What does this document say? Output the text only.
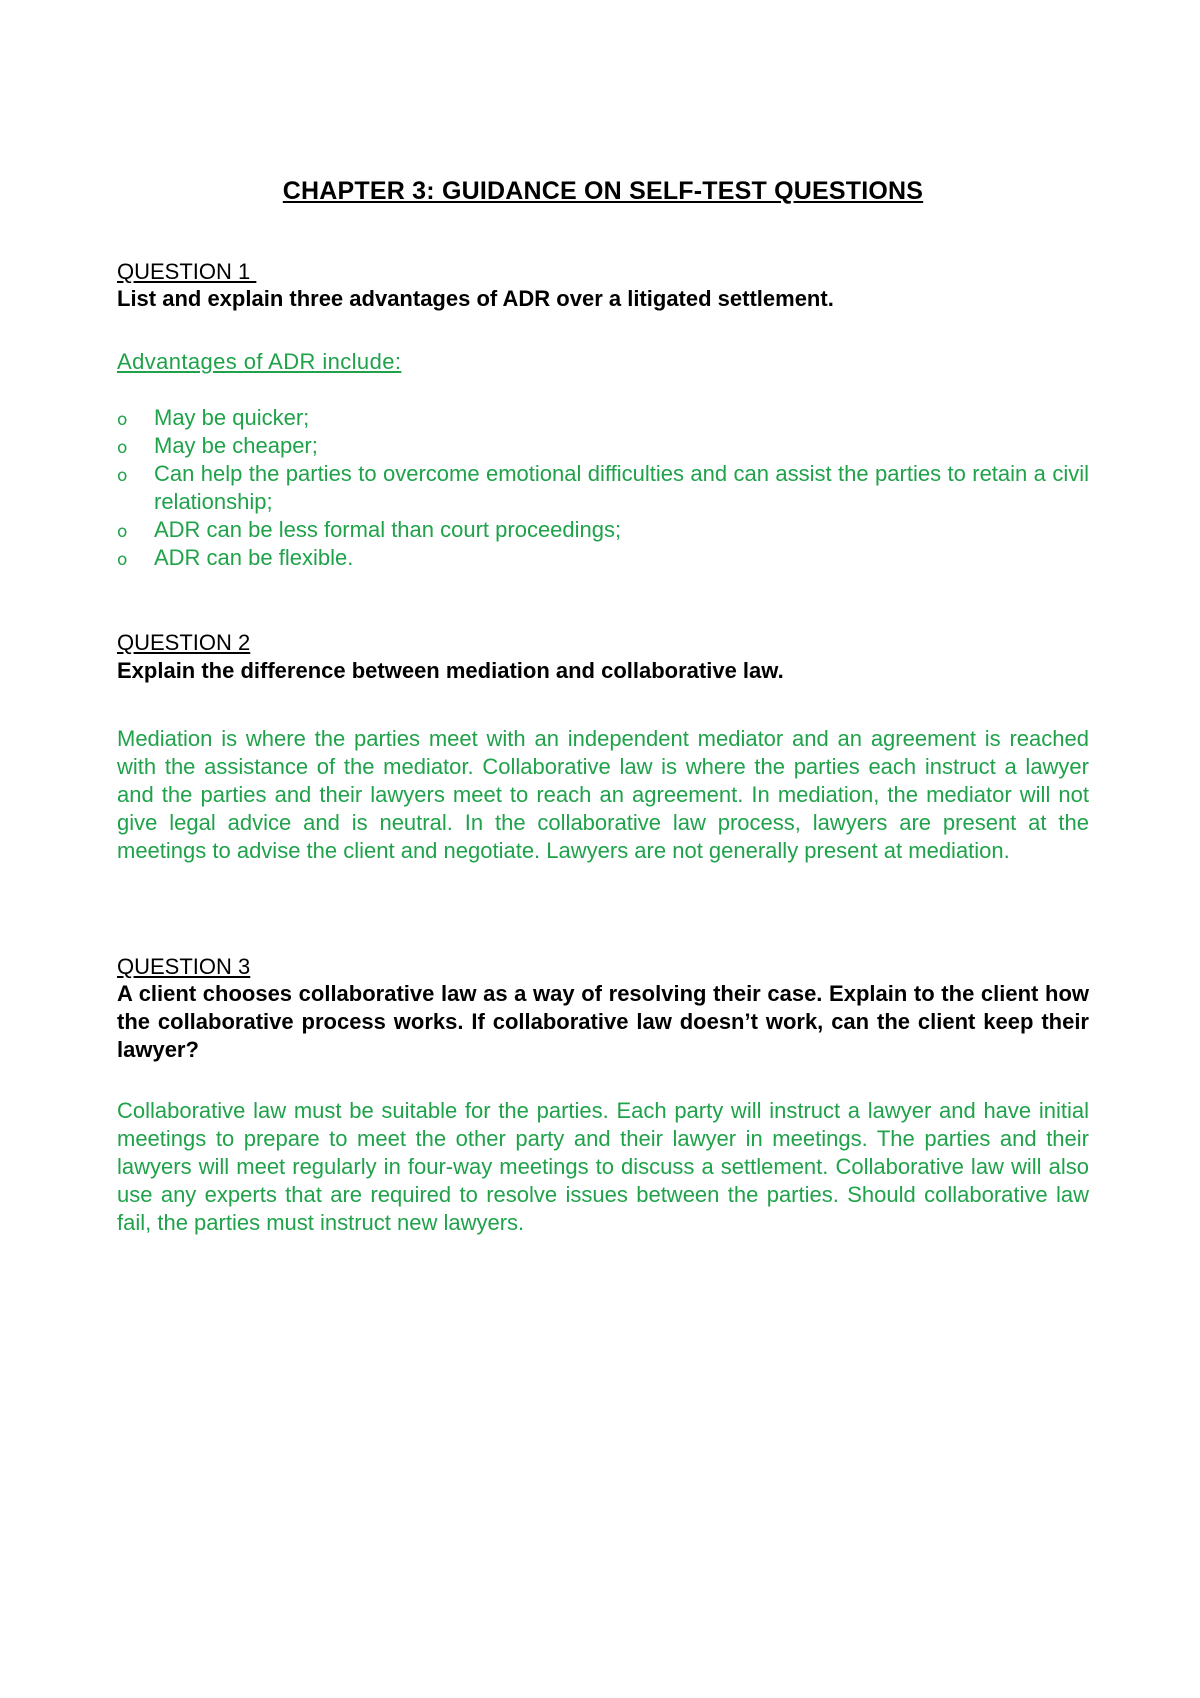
CHAPTER 3: GUIDANCE ON SELF-TEST QUESTIONS
QUESTION 1
List and explain three advantages of ADR over a litigated settlement.
Advantages of ADR include:
o May be quicker;
o May be cheaper;
o Can help the parties to overcome emotional difficulties and can assist the parties to retain a civil relationship;
o ADR can be less formal than court proceedings;
o ADR can be flexible.
QUESTION 2
Explain the difference between mediation and collaborative law.
Mediation is where the parties meet with an independent mediator and an agreement is reached with the assistance of the mediator. Collaborative law is where the parties each instruct a lawyer and the parties and their lawyers meet to reach an agreement. In mediation, the mediator will not give legal advice and is neutral. In the collaborative law process, lawyers are present at the meetings to advise the client and negotiate. Lawyers are not generally present at mediation.
QUESTION 3
A client chooses collaborative law as a way of resolving their case. Explain to the client how the collaborative process works. If collaborative law doesn’t work, can the client keep their lawyer?
Collaborative law must be suitable for the parties. Each party will instruct a lawyer and have initial meetings to prepare to meet the other party and their lawyer in meetings. The parties and their lawyers will meet regularly in four-way meetings to discuss a settlement. Collaborative law will also use any experts that are required to resolve issues between the parties. Should collaborative law fail, the parties must instruct new lawyers.
